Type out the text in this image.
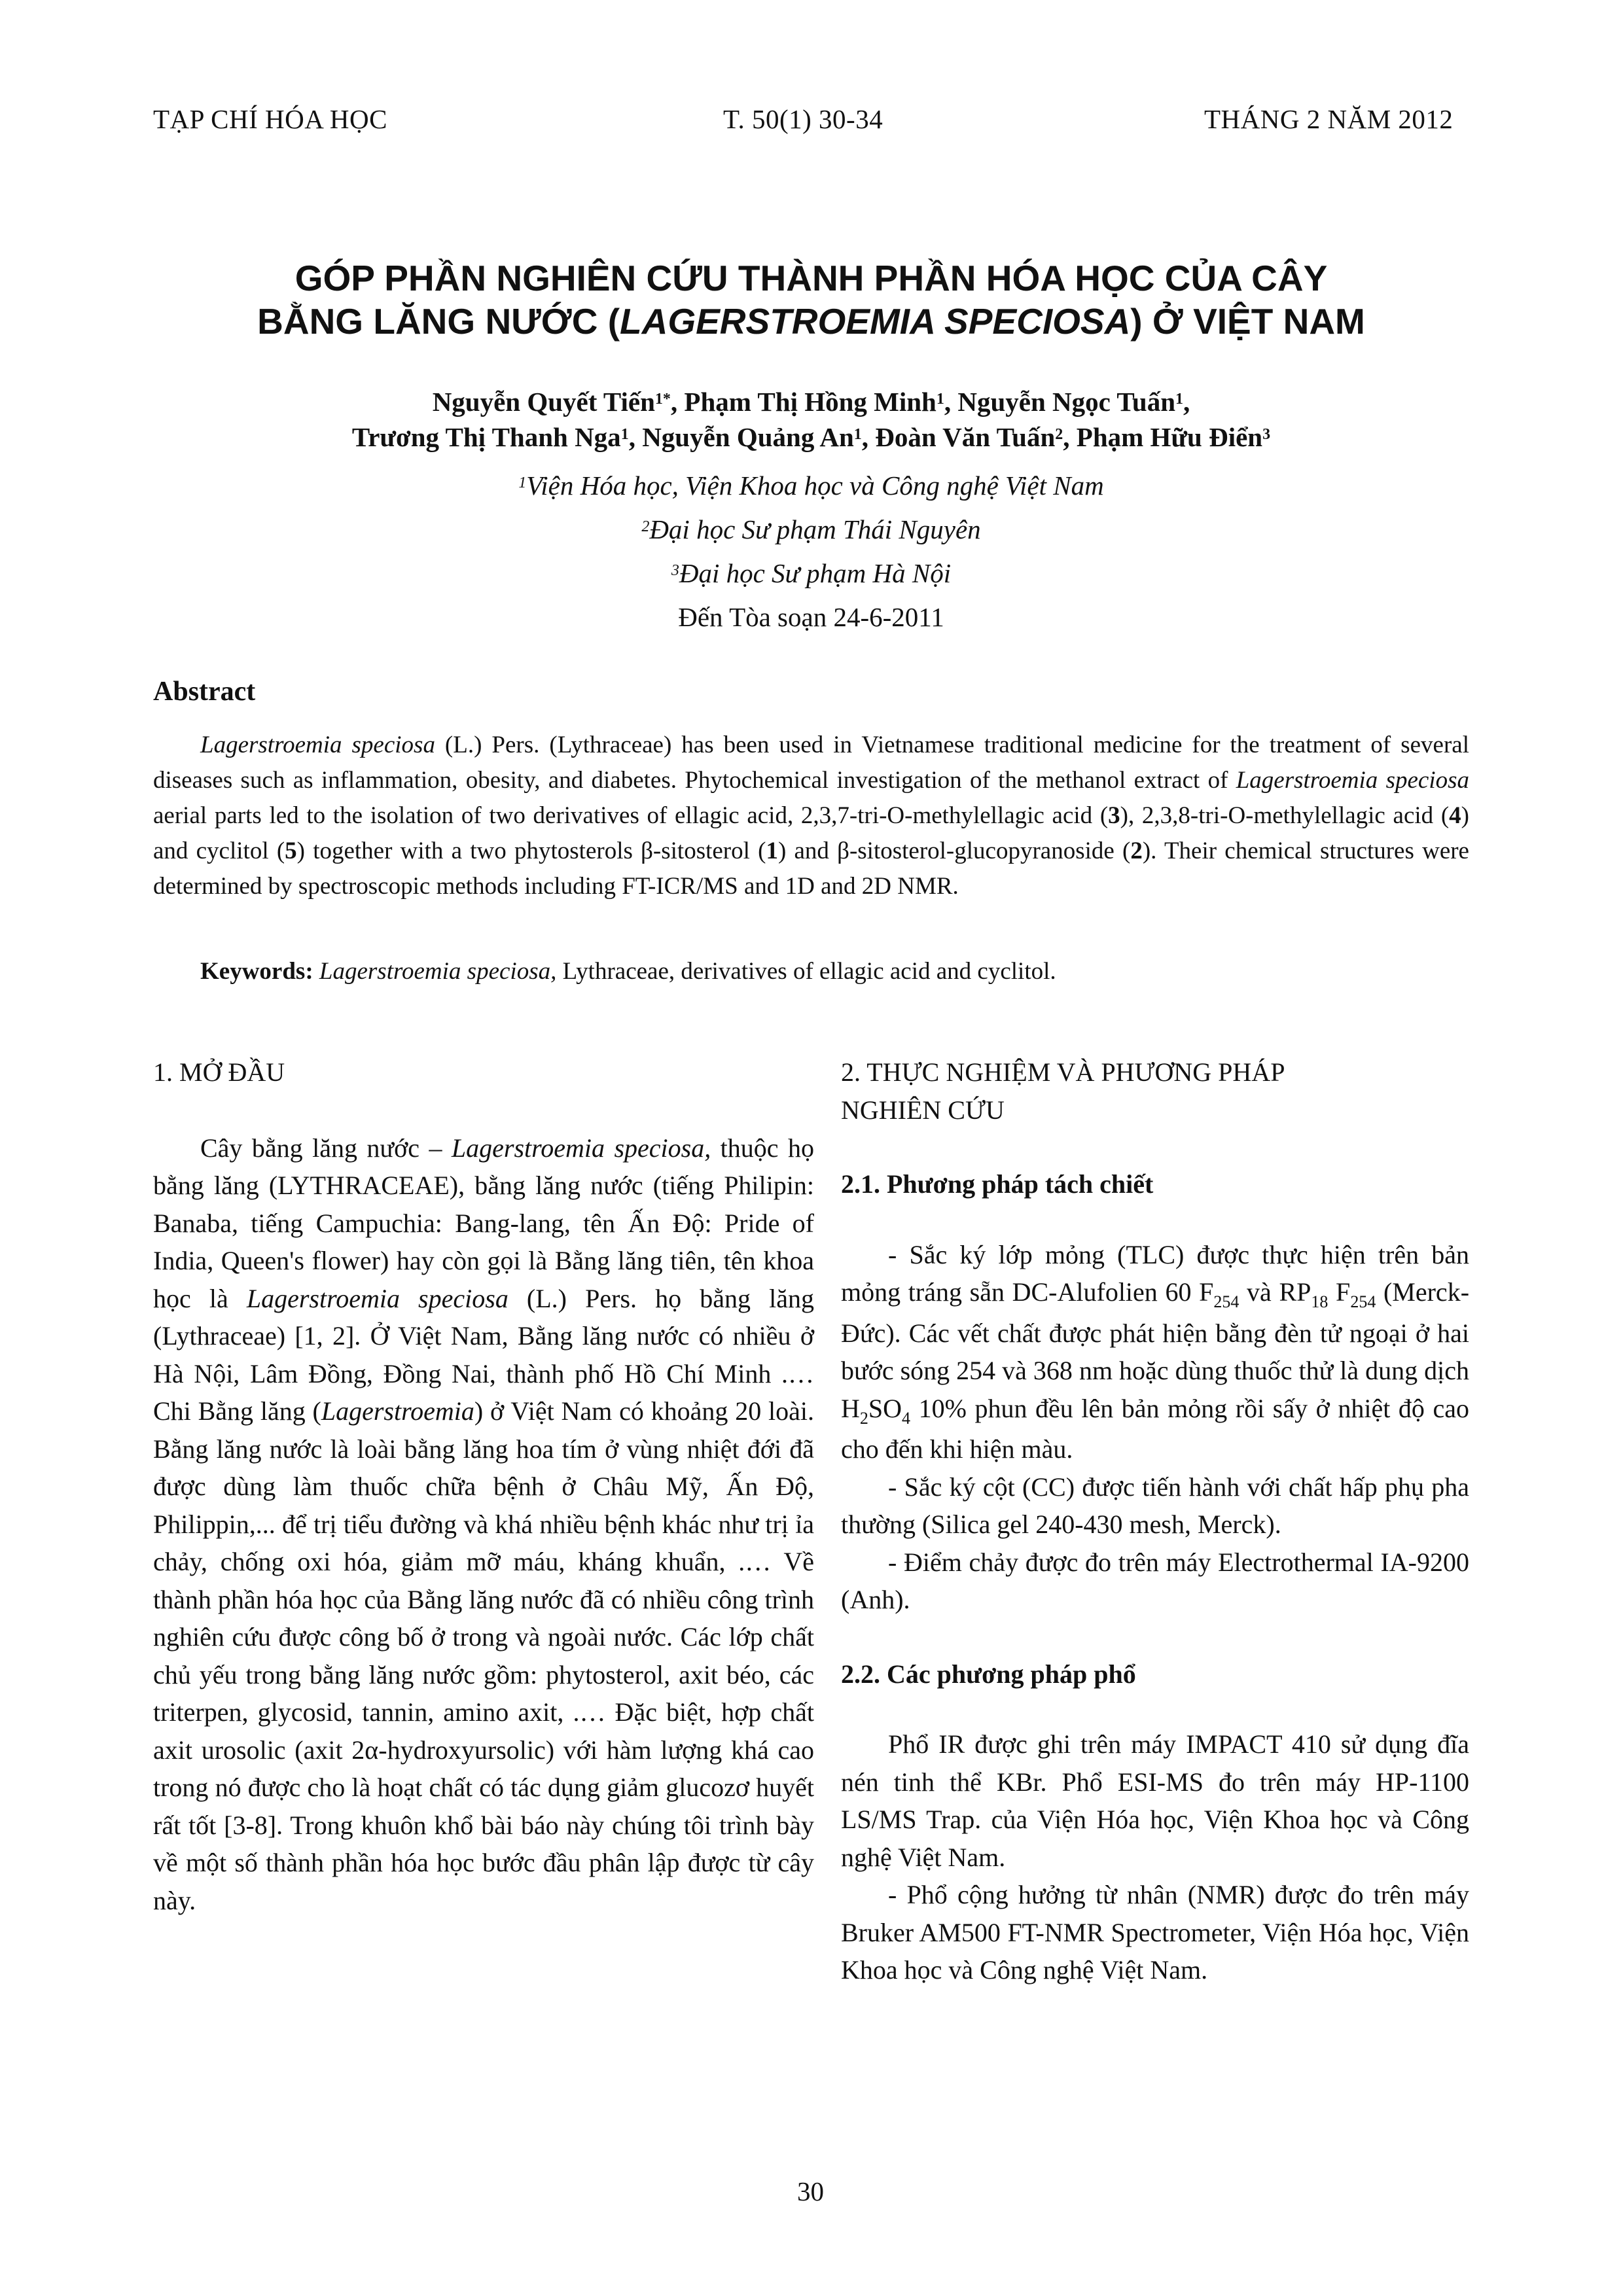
TẠP CHÍ HÓA HỌC	T. 50(1) 30-34	THÁNG 2 NĂM 2012
GÓP PHẦN NGHIÊN CỨU THÀNH PHẦN HÓA HỌC CỦA CÂY
BẰNG LĂNG NƯỚC (LAGERSTROEMIA SPECIOSA) Ở VIỆT NAM
Nguyễn Quyết Tiến$^{1*}$, Phạm Thị Hồng Minh$^1$, Nguyễn Ngọc Tuấn$^1$,
Trương Thị Thanh Nga$^1$, Nguyễn Quảng An$^1$, Đoàn Văn Tuấn$^2$, Phạm Hữu Điển$^3$
$^1$Viện Hóa học, Viện Khoa học và Công nghệ Việt Nam
$^2$Đại học Sư phạm Thái Nguyên
$^3$Đại học Sư phạm Hà Nội
Đến Tòa soạn 24-6-2011
Abstract
Lagerstroemia speciosa (L.) Pers. (Lythraceae) has been used in Vietnamese traditional medicine for the treatment of several diseases such as inflammation, obesity, and diabetes. Phytochemical investigation of the methanol extract of Lagerstroemia speciosa aerial parts led to the isolation of two derivatives of ellagic acid, 2,3,7-tri-O-methylellagic acid (3), 2,3,8-tri-O-methylellagic acid (4) and cyclitol (5) together with a two phytosterols β-sitosterol (1) and β-sitosterol-glucopyranoside (2). Their chemical structures were determined by spectroscopic methods including FT-ICR/MS and 1D and 2D NMR.
Keywords: Lagerstroemia speciosa, Lythraceae, derivatives of ellagic acid and cyclitol.

1. MỞ ĐẦU

Cây bằng lăng nước – Lagerstroemia speciosa, thuộc họ bằng lăng (LYTHRACEAE), bằng lăng nước (tiếng Philipin: Banaba, tiếng Campuchia: Bang-lang, tên Ấn Độ: Pride of India, Queen's flower) hay còn gọi là Bằng lăng tiên, tên khoa học là Lagerstroemia speciosa (L.) Pers. họ bằng lăng (Lythraceae) [1, 2]. Ở Việt Nam, Bằng lăng nước có nhiều ở Hà Nội, Lâm Đồng, Đồng Nai, thành phố Hồ Chí Minh .… Chi Bằng lăng (Lagerstroemia) ở Việt Nam có khoảng 20 loài. Bằng lăng nước là loài bằng lăng hoa tím ở vùng nhiệt đới đã được dùng làm thuốc chữa bệnh ở Châu Mỹ, Ấn Độ, Philippin,... để trị tiểu đường và khá nhiều bệnh khác như trị ỉa chảy, chống oxi hóa, giảm mỡ máu, kháng khuẩn, .… Về thành phần hóa học của Bằng lăng nước đã có nhiều công trình nghiên cứu được công bố ở trong và ngoài nước. Các lớp chất chủ yếu trong bằng lăng nước gồm: phytosterol, axit béo, các triterpen, glycosid, tannin, amino axit, .… Đặc biệt, hợp chất axit urosolic (axit 2α-hydroxyursolic) với hàm lượng khá cao trong nó được cho là hoạt chất có tác dụng giảm glucozơ huyết rất tốt [3-8]. Trong khuôn khổ bài báo này chúng tôi trình bày về một số thành phần hóa học bước đầu phân lập được từ cây này.

2. THỰC NGHIỆM VÀ PHƯƠNG PHÁP
NGHIÊN CỨU

2.1. Phương pháp tách chiết

- Sắc ký lớp mỏng (TLC) được thực hiện trên bản mỏng tráng sẵn DC-Alufolien 60 $F_{254}$ và $RP_{18}$ $F_{254}$ (Merck-Đức). Các vết chất được phát hiện bằng đèn tử ngoại ở hai bước sóng 254 và 368 nm hoặc dùng thuốc thử là dung dịch $H_2SO_4$ 10% phun đều lên bản mỏng rồi sấy ở nhiệt độ cao cho đến khi hiện màu.

- Sắc ký cột (CC) được tiến hành với chất hấp phụ pha thường (Silica gel 240-430 mesh, Merck).

- Điểm chảy được đo trên máy Electrothermal IA-9200 (Anh).

2.2. Các phương pháp phổ

Phổ IR được ghi trên máy IMPACT 410 sử dụng đĩa nén tinh thể KBr. Phổ ESI-MS đo trên máy HP-1100 LS/MS Trap. của Viện Hóa học, Viện Khoa học và Công nghệ Việt Nam.

- Phổ cộng hưởng từ nhân (NMR) được đo trên máy Bruker AM500 FT-NMR Spectrometer, Viện Hóa học, Viện Khoa học và Công nghệ Việt Nam.

30
